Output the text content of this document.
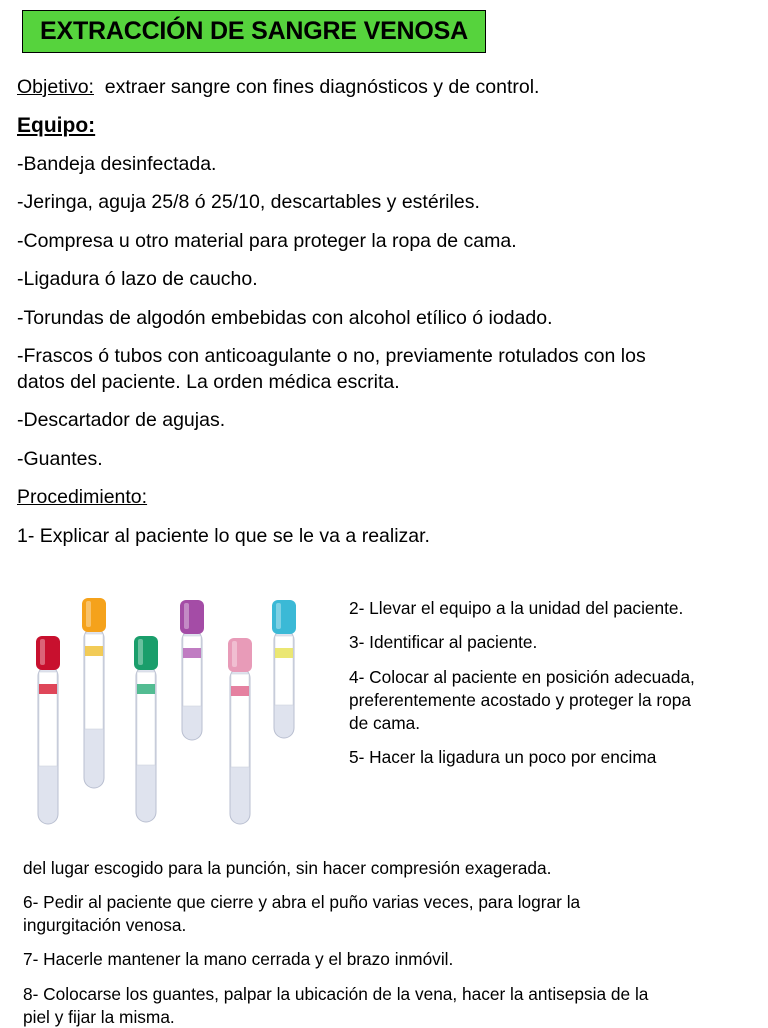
EXTRACCIÓN DE SANGRE VENOSA
Objetivo: extraer sangre con fines diagnósticos y de control.
Equipo:
-Bandeja desinfectada.
-Jeringa, aguja 25/8 ó 25/10, descartables y estériles.
-Compresa u otro material para proteger la ropa de cama.
-Ligadura ó lazo de caucho.
-Torundas de algodón embebidas con alcohol etílico ó iodado.
-Frascos ó tubos con anticoagulante o no, previamente rotulados con los
datos del paciente. La orden médica escrita.
-Descartador de agujas.
-Guantes.
Procedimiento:
1- Explicar al paciente lo que se le va a realizar.
2- Llevar el equipo a la unidad del paciente.
3- Identificar al paciente.
4- Colocar al paciente en posición adecuada,
preferentemente acostado y proteger la ropa
de cama.
5- Hacer la ligadura un poco por encima
del lugar escogido para la punción, sin hacer compresión exagerada.
6- Pedir al paciente que cierre y abra el puño varias veces, para lograr la
ingurgitación venosa.
7- Hacerle mantener la mano cerrada y el brazo inmóvil.
8- Colocarse los guantes, palpar la ubicación de la vena, hacer la antisepsia de la
piel y fijar la misma.
